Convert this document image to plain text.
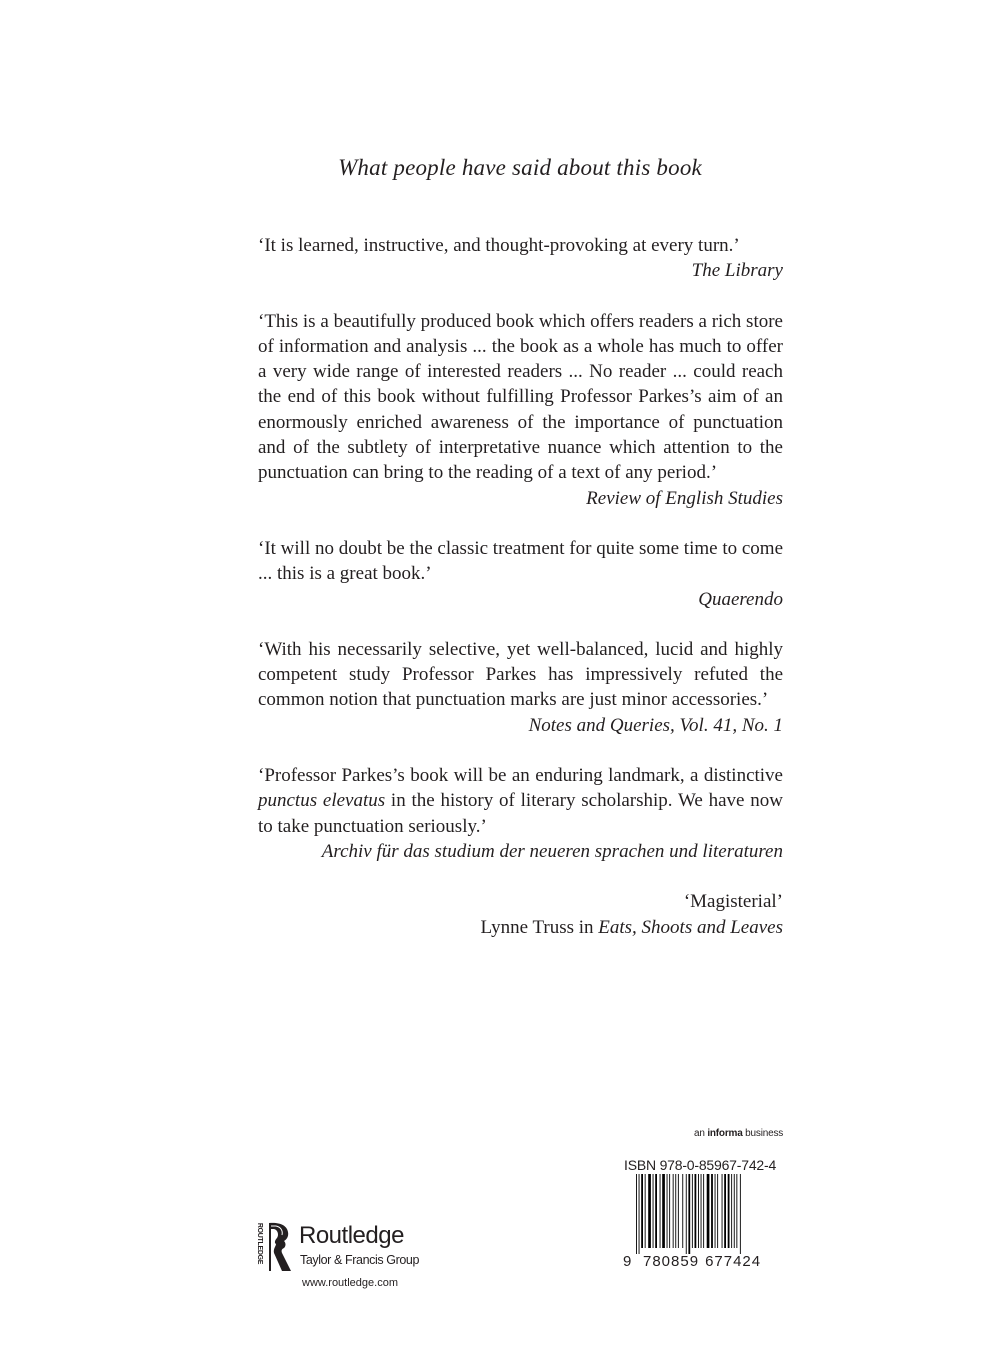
What people have said about this book

‘It is learned, instructive, and thought-provoking at every turn.’

The Library

‘This is a beautifully produced book which offers readers a rich store of information and analysis ... the book as a whole has much to offer a very wide range of interested readers ... No reader ... could reach the end of this book without fulfilling Professor Parkes’s aim of an enormously enriched awareness of the importance of punctuation and of the subtlety of interpretative nuance which attention to the punctuation can bring to the reading of a text of any period.’

Review of English Studies

‘It will no doubt be the classic treatment for quite some time to come ... this is a great book.’

Quaerendo

‘With his necessarily selective, yet well-balanced, lucid and highly competent study Professor Parkes has impressively refuted the common notion that punctuation marks are just minor accessories.’

Notes and Queries, Vol. 41, No. 1

‘Professor Parkes’s book will be an enduring landmark, a distinctive punctus elevatus in the history of literary scholarship. We have now to take punctuation seriously.’

Archiv für das studium der neueren sprachen und literaturen

‘Magisterial’

Lynne Truss in Eats, Shoots and Leaves

an informa business
ISBN 978-0-85967-742-4
9 780859 677424
ROUTLEDGE Routledge
Taylor & Francis Group
www.routledge.com
